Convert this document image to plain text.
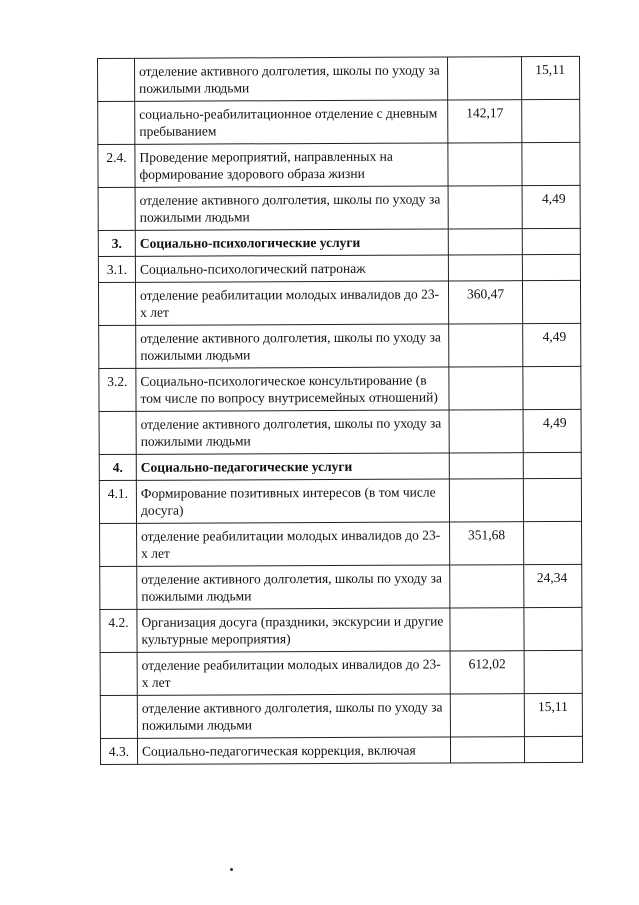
	отделение активного долголетия, школы по уходу за пожилыми людьми		15,11
	социально-реабилитационное отделение с дневным пребыванием	142,17	
2.4.	Проведение мероприятий, направленных на формирование здорового образа жизни		
	отделение активного долголетия, школы по уходу за пожилыми людьми		4,49
3.	Социально-психологические услуги		
3.1.	Социально-психологический патронаж		
	отделение реабилитации молодых инвалидов до 23-х лет	360,47	
	отделение активного долголетия, школы по уходу за пожилыми людьми		4,49
3.2.	Социально-психологическое консультирование (в том числе по вопросу внутрисемейных отношений)		
	отделение активного долголетия, школы по уходу за пожилыми людьми		4,49
4.	Социально-педагогические услуги		
4.1.	Формирование позитивных интересов (в том числе досуга)		
	отделение реабилитации молодых инвалидов до 23-х лет	351,68	
	отделение активного долголетия, школы по уходу за пожилыми людьми		24,34
4.2.	Организация досуга (праздники, экскурсии и другие культурные мероприятия)		
	отделение реабилитации молодых инвалидов до 23-х лет	612,02	
	отделение активного долголетия, школы по уходу за пожилыми людьми		15,11
4.3.	Социально-педагогическая коррекция, включая		
